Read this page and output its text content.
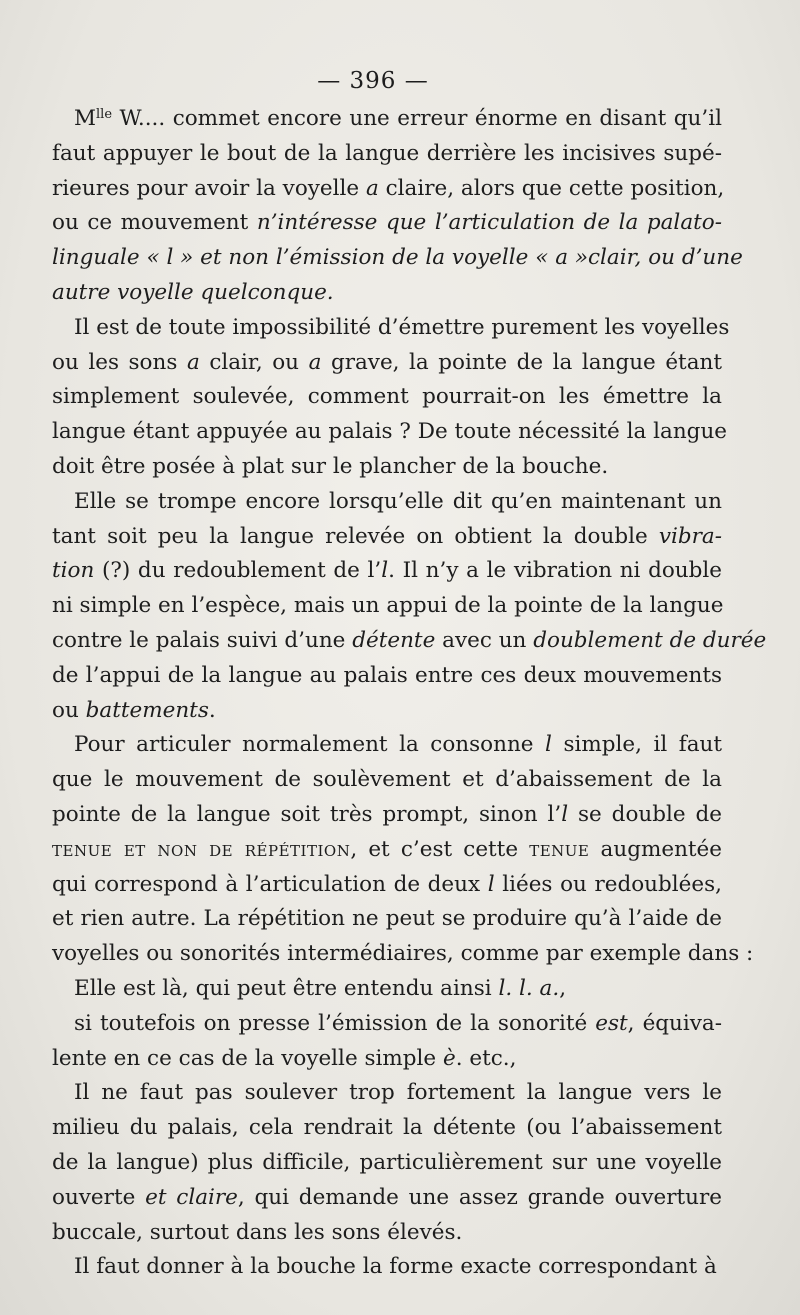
— 396 —
$M^{lle}$ W.... commet encore une erreur énorme en disant qu’il
faut appuyer le bout de la langue derrière les incisives supé-
rieures pour avoir la voyelle a claire, alors que cette position,
ou ce mouvement n’intéresse que l’articulation de la palato-
linguale « l » et non l’émission de la voyelle « a »clair, ou d’une
autre voyelle quelconque.
Il est de toute impossibilité d’émettre purement les voyelles
ou les sons a clair, ou a grave, la pointe de la langue étant
simplement soulevée, comment pourrait-on les émettre la
langue étant appuyée au palais ? De toute nécessité la langue
doit être posée à plat sur le plancher de la bouche.
Elle se trompe encore lorsqu’elle dit qu’en maintenant un
tant soit peu la langue relevée on obtient la double vibra-
tion (?) du redoublement de l’l. Il n’y a le vibration ni double
ni simple en l’espèce, mais un appui de la pointe de la langue
contre le palais suivi d’une détente avec un doublement de durée
de l’appui de la langue au palais entre ces deux mouvements
ou battements.
Pour articuler normalement la consonne l simple, il faut
que le mouvement de soulèvement et d’abaissement de la
pointe de la langue soit très prompt, sinon l’l se double de
tenue et non de répétition, et c’est cette tenue augmentée
qui correspond à l’articulation de deux l liées ou redoublées,
et rien autre. La répétition ne peut se produire qu’à l’aide de
voyelles ou sonorités intermédiaires, comme par exemple dans :
Elle est là, qui peut être entendu ainsi l. l. a.,
si toutefois on presse l’émission de la sonorité est, équiva-
lente en ce cas de la voyelle simple è. etc.,
Il ne faut pas soulever trop fortement la langue vers le
milieu du palais, cela rendrait la détente (ou l’abaissement
de la langue) plus difficile, particulièrement sur une voyelle
ouverte et claire, qui demande une assez grande ouverture
buccale, surtout dans les sons élevés.
Il faut donner à la bouche la forme exacte correspondant à
